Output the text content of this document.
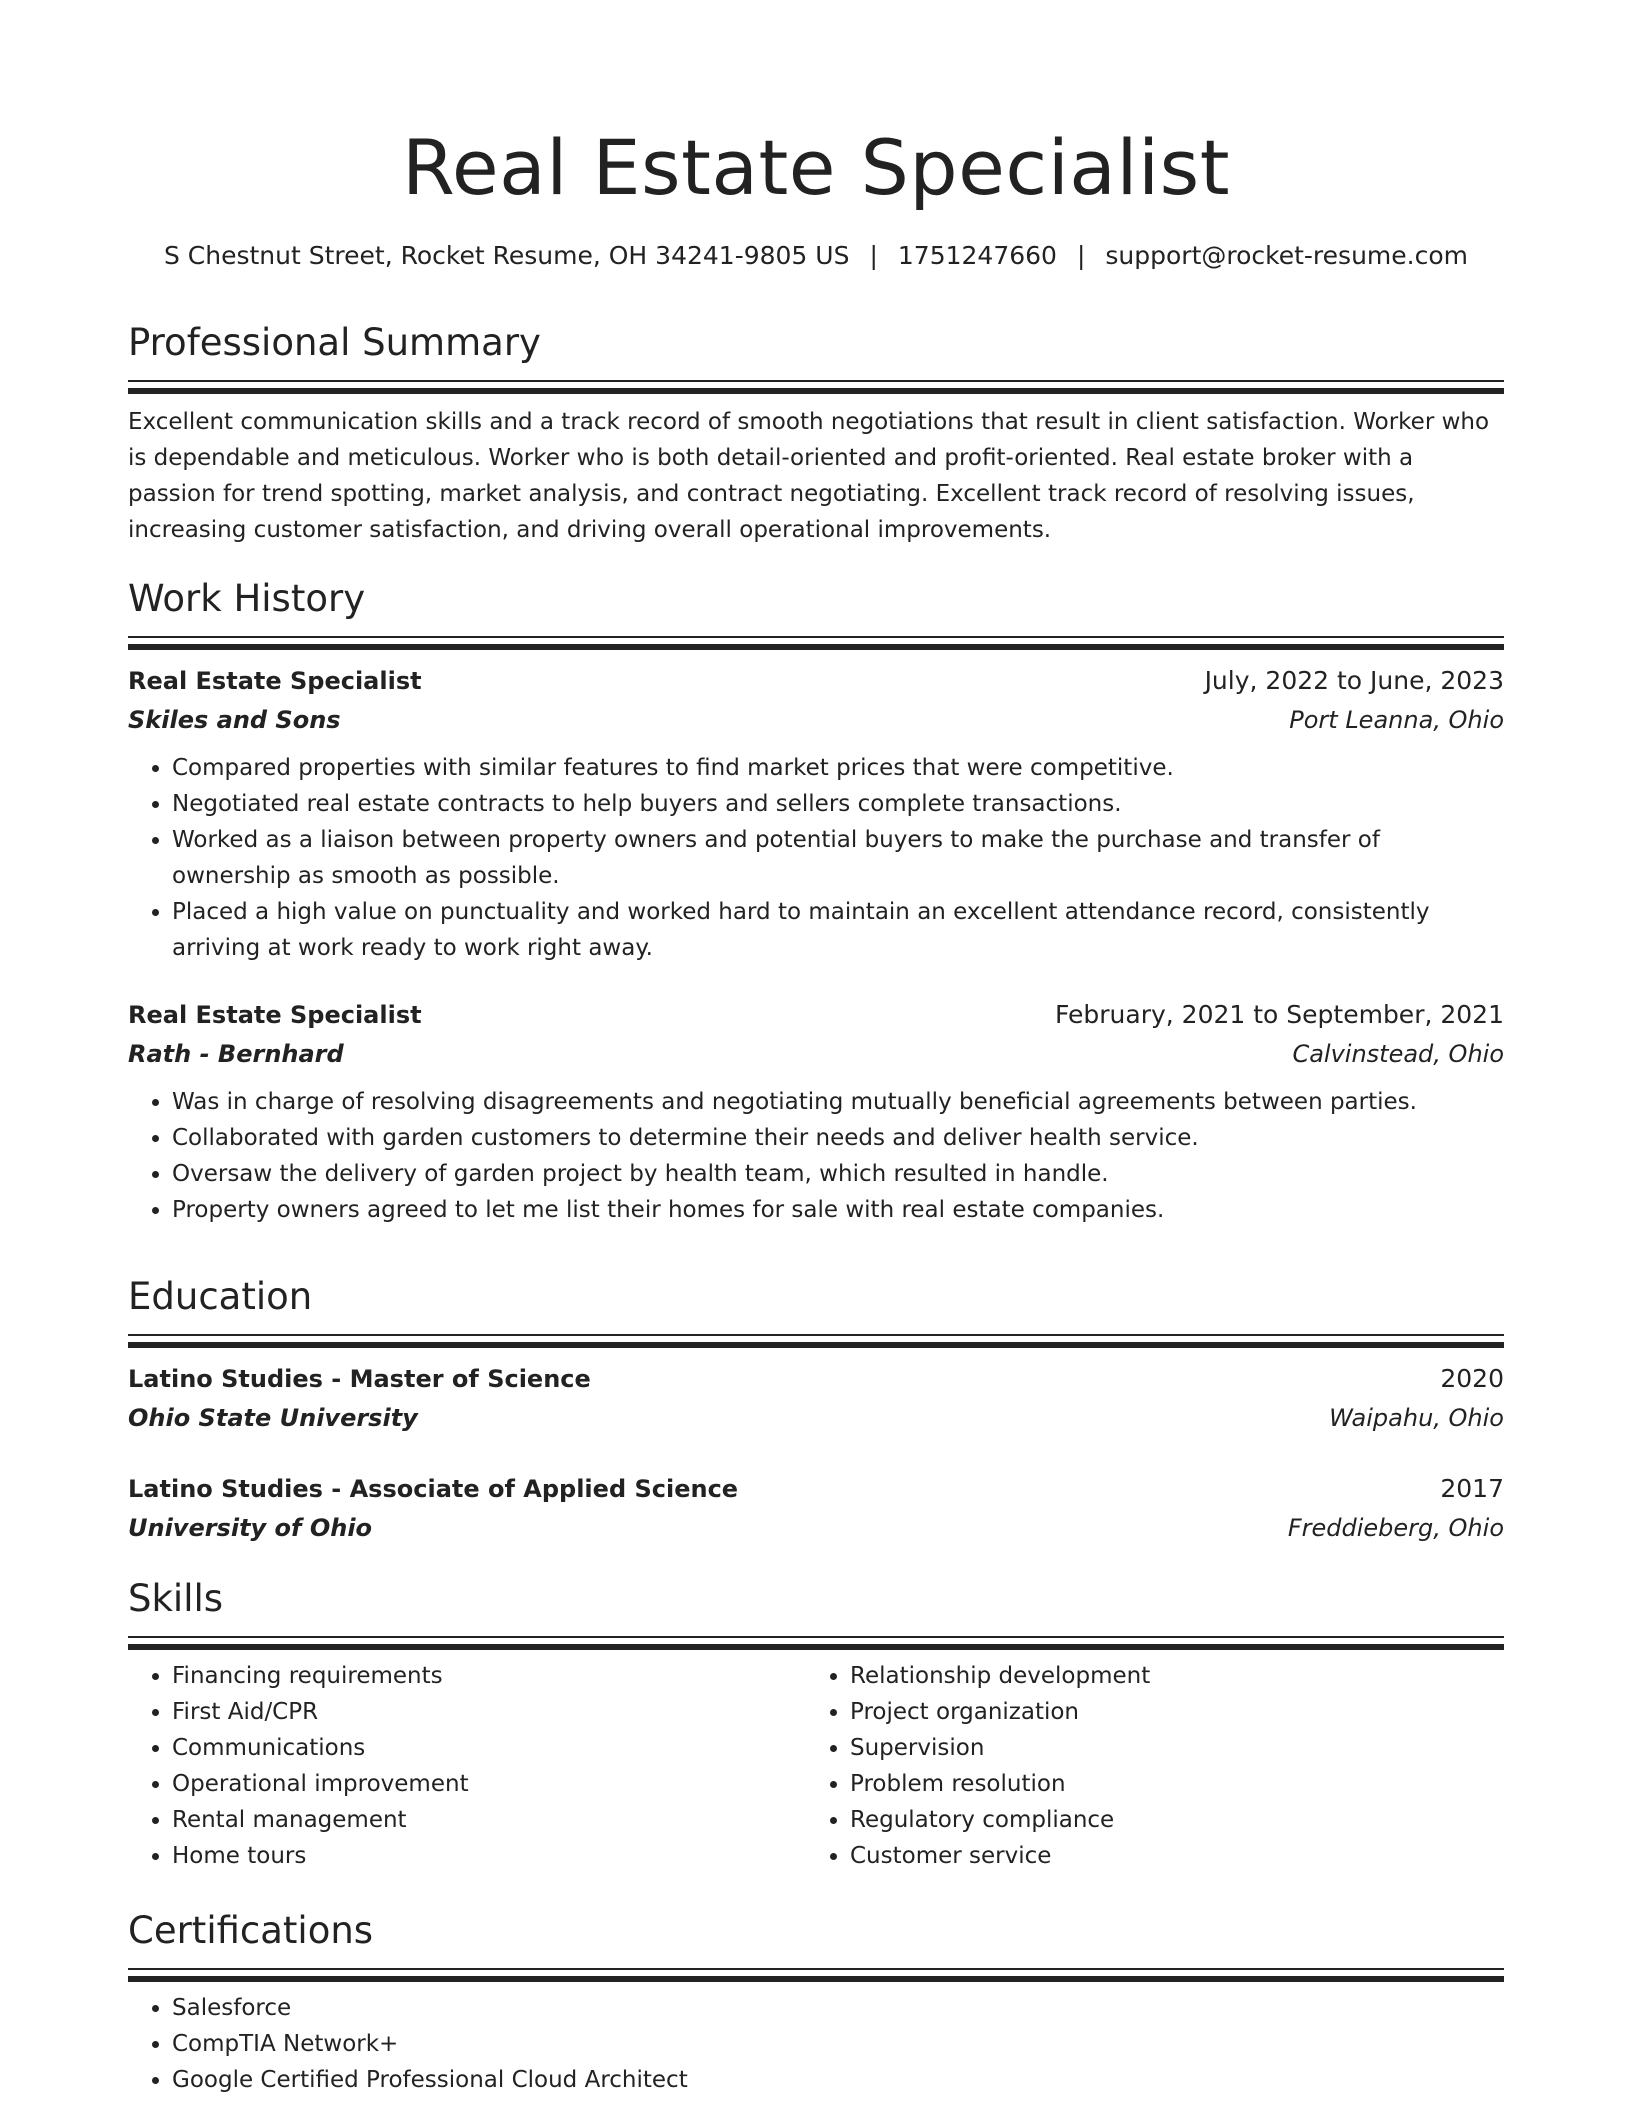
Real Estate Specialist
S Chestnut Street, Rocket Resume, OH 34241-9805 US | 1751247660 | support@rocket-resume.com
Professional Summary
Excellent communication skills and a track record of smooth negotiations that result in client satisfaction. Worker who is dependable and meticulous. Worker who is both detail-oriented and profit-oriented. Real estate broker with a passion for trend spotting, market analysis, and contract negotiating. Excellent track record of resolving issues, increasing customer satisfaction, and driving overall operational improvements.
Work History
Real Estate Specialist	July, 2022 to June, 2023
Skiles and Sons	Port Leanna, Ohio
• Compared properties with similar features to find market prices that were competitive.
• Negotiated real estate contracts to help buyers and sellers complete transactions.
• Worked as a liaison between property owners and potential buyers to make the purchase and transfer of ownership as smooth as possible.
• Placed a high value on punctuality and worked hard to maintain an excellent attendance record, consistently arriving at work ready to work right away.
Real Estate Specialist	February, 2021 to September, 2021
Rath - Bernhard	Calvinstead, Ohio
• Was in charge of resolving disagreements and negotiating mutually beneficial agreements between parties.
• Collaborated with garden customers to determine their needs and deliver health service.
• Oversaw the delivery of garden project by health team, which resulted in handle.
• Property owners agreed to let me list their homes for sale with real estate companies.
Education
Latino Studies - Master of Science	2020
Ohio State University	Waipahu, Ohio
Latino Studies - Associate of Applied Science	2017
University of Ohio	Freddieberg, Ohio
Skills
• Financing requirements
• First Aid/CPR
• Communications
• Operational improvement
• Rental management
• Home tours
• Relationship development
• Project organization
• Supervision
• Problem resolution
• Regulatory compliance
• Customer service
Certifications
• Salesforce
• CompTIA Network+
• Google Certified Professional Cloud Architect
